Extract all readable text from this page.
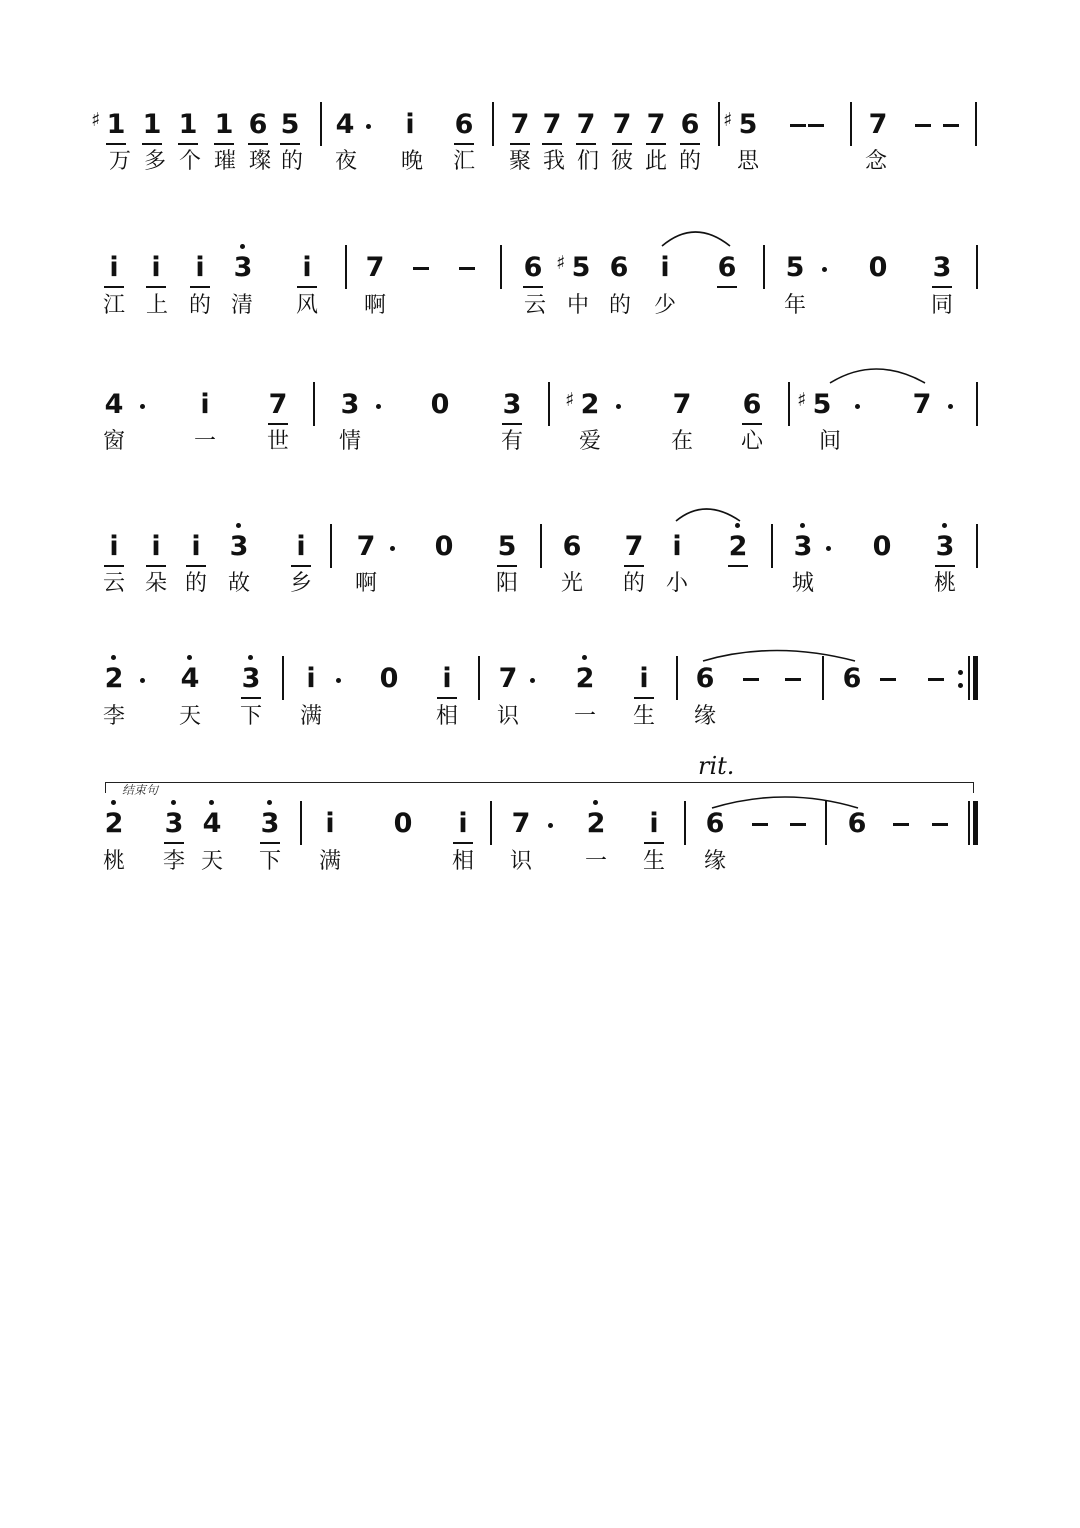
rit.
结束句
1
♯ 1 1 1 6 5 4 i 6 7 7 7 7 7 6 5
♯	7
万 多 个 璀 璨 的 夜 晚 汇 聚 我 们 彼 此 的 思	念
i i i 3 i 7	6 5
♯ 6 i 6 5 0 3
江 上 的 清 风 啊	云 中 的 少	年	同
4	i 7 3	0 3 2
♯	7 6 5
♯	7
窗	一 世 情	有	爱	在 心	间
i i i 3 i 7 0 5 6 7 i 2 3 0 3
云 朵 的 故 乡 啊	阳 光 的 小	城	桃
2 4 3 i 0 i 7 2 i 6	6
李 天 下 满	相 识 一 生 缘
2 3 4 3 i 0 i 7 2 i 6	6
桃 李 天 下 满	相 识 一 生 缘
